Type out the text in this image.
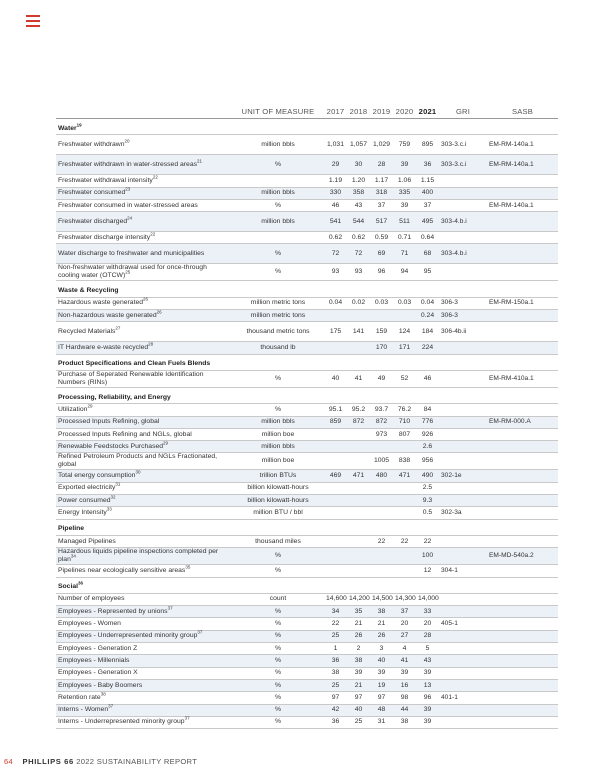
	UNIT OF MEASURE	2017	2018	2019	2020	2021	GRI	SASB
Water$^{19}$
Freshwater withdrawn$^{20}$	million bbls	1,031	1,057	1,029	759	895	303-3.c.i	EM-RM-140a.1
Freshwater withdrawn in water-stressed areas$^{21}$	%	29	30	28	39	36	303-3.c.i	EM-RM-140a.1
Freshwater withdrawal intensity$^{22}$		1.19	1.20	1.17	1.06	1.15		
Freshwater consumed$^{23}$	million bbls	330	358	318	335	400		
Freshwater consumed in water-stressed areas	%	46	43	37	39	37		EM-RM-140a.1
Freshwater discharged$^{24}$	million bbls	541	544	517	511	495	303-4.b.i	
Freshwater discharge intensity$^{22}$		0.62	0.62	0.59	0.71	0.64		
Water discharge to freshwater and municipalities	%	72	72	69	71	68	303-4.b.i	
Non-freshwater withdrawal used for once-through cooling water (OTCW)$^{25}$	%	93	93	96	94	95		
Waste & Recycling								
Hazardous waste generated$^{26}$	million metric tons	0.04	0.02	0.03	0.03	0.04	306-3	EM-RM-150a.1
Non-hazardous waste generated$^{26}$	million metric tons					0.24	306-3	
Recycled Materials$^{27}$	thousand metric tons	175	141	159	124	184	306-4b.ii	
IT Hardware e-waste recycled$^{28}$	thousand lb			170	171	224		
Product Specifications and Clean Fuels Blends								
Purchase of Seperated Renewable Identification Numbers (RINs)	%	40	41	49	52	46		EM-RM-410a.1
Processing, Reliability, and Energy								
Utilization$^{29}$	%	95.1	95.2	93.7	76.2	84		
Processed Inputs Refining, global	million bbls	859	872	872	710	776		EM-RM-000.A
Processed Inputs Refining and NGLs, global	million boe			973	807	926		
Renewable Feedstocks Purchased$^{29}$	million bbls					2.6		
Refined Petroleum Products and NGLs Fractionated, global	million boe			1005	838	956		
Total energy consumption$^{30}$	trillion BTUs	469	471	480	471	490	302-1e	
Exported electricity$^{31}$	billion kilowatt-hours					2.5		
Power consumed$^{32}$	billion kilowatt-hours					9.3		
Energy Intensity$^{33}$	million BTU / bbl					0.5	302-3a	
Pipeline								
Managed Pipelines	thousand miles			22	22	22		
Hazardous liquids pipeline inspections completed per plan$^{34}$	%					100		EM-MD-540a.2
Pipelines near ecologically sensitive areas$^{35}$	%					12	304-1	
Social$^{36}$
Number of employees	count	14,600	14,200	14,500	14,300	14,000		
Employees - Represented by unions$^{37}$	%	34	35	38	37	33		
Employees - Women	%	22	21	21	20	20	405-1	
Employees - Underrepresented minority group$^{37}$	%	25	26	26	27	28		
Employees - Generation Z	%	1	2	3	4	5		
Employees - Millennials	%	36	38	40	41	43		
Employees - Generation X	%	38	39	39	39	39		
Employees - Baby Boomers	%	25	21	19	16	13		
Retention rate$^{38}$	%	97	97	97	98	96	401-1	
Interns - Women$^{37}$	%	42	40	48	44	39		
Interns - Underrepresented minority group$^{37}$	%	36	25	31	38	39		
64 PHILLIPS 66 2022 SUSTAINABILITY REPORT
